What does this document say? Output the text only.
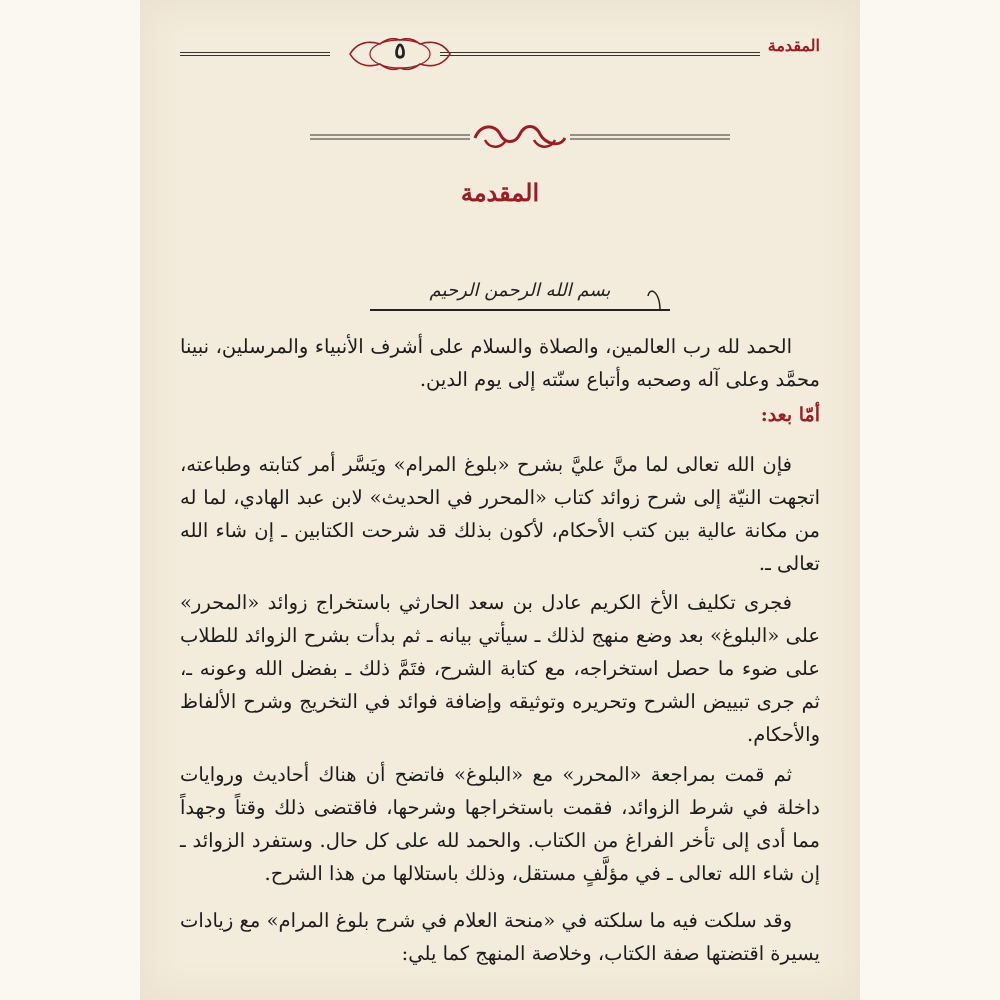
المقدمة
٥
المقدمة
بسم الله الرحمن الرحيم

الحمد لله رب العالمين، والصلاة والسلام على أشرف الأنبياء والمرسلين، نبينا محمَّد وعلى آله وصحبه وأتباع سنّته إلى يوم الدين.

أمّا بعد:

فإن الله تعالى لما منَّ عليَّ بشرح «بلوغ المرام» ويَسَّر أمر كتابته وطباعته، اتجهت النيّة إلى شرح زوائد كتاب «المحرر في الحديث» لابن عبد الهادي، لما له من مكانة عالية بين كتب الأحكام، لأكون بذلك قد شرحت الكتابين ـ إن شاء الله تعالى ـ.

فجرى تكليف الأخ الكريم عادل بن سعد الحارثي باستخراج زوائد «المحرر» على «البلوغ» بعد وضع منهج لذلك ـ سيأتي بيانه ـ ثم بدأت بشرح الزوائد للطلاب على ضوء ما حصل استخراجه، مع كتابة الشرح، فتَمَّ ذلك ـ بفضل الله وعونه ـ، ثم جرى تبييض الشرح وتحريره وتوثيقه وإضافة فوائد في التخريج وشرح الألفاظ والأحكام.

ثم قمت بمراجعة «المحرر» مع «البلوغ» فاتضح أن هناك أحاديث وروايات داخلة في شرط الزوائد، فقمت باستخراجها وشرحها، فاقتضى ذلك وقتاً وجهداً مما أدى إلى تأخر الفراغ من الكتاب. والحمد لله على كل حال. وستفرد الزوائد ـ إن شاء الله تعالى ـ في مؤلَّفٍ مستقل، وذلك باستلالها من هذا الشرح.

وقد سلكت فيه ما سلكته في «منحة العلام في شرح بلوغ المرام» مع زيادات يسيرة اقتضتها صفة الكتاب، وخلاصة المنهج كما يلي:
